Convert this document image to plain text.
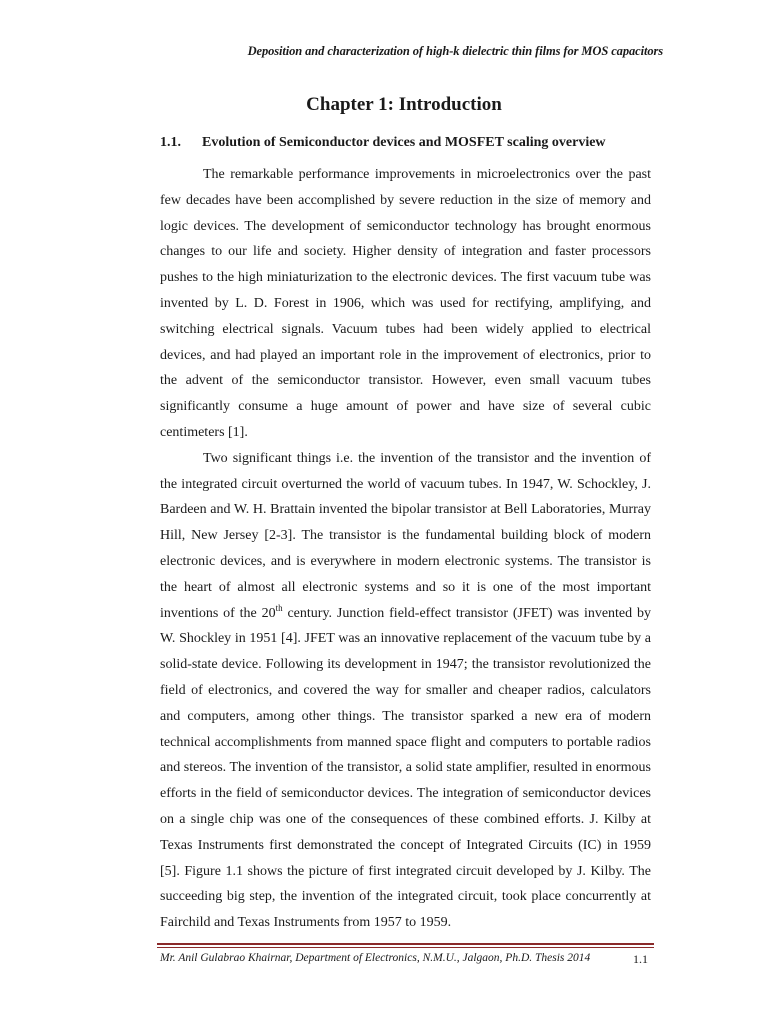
Deposition and characterization of high-k dielectric thin films for MOS capacitors
Chapter 1: Introduction
1.1. Evolution of Semiconductor devices and MOSFET scaling overview

The remarkable performance improvements in microelectronics over the past few decades have been accomplished by severe reduction in the size of memory and logic devices. The development of semiconductor technology has brought enormous changes to our life and society. Higher density of integration and faster processors pushes to the high miniaturization to the electronic devices. The first vacuum tube was invented by L. D. Forest in 1906, which was used for rectifying, amplifying, and switching electrical signals. Vacuum tubes had been widely applied to electrical devices, and had played an important role in the improvement of electronics, prior to the advent of the semiconductor transistor. However, even small vacuum tubes significantly consume a huge amount of power and have size of several cubic centimeters [1].

Two significant things i.e. the invention of the transistor and the invention of the integrated circuit overturned the world of vacuum tubes. In 1947, W. Schockley, J. Bardeen and W. H. Brattain invented the bipolar transistor at Bell Laboratories, Murray Hill, New Jersey [2-3]. The transistor is the fundamental building block of modern electronic devices, and is everywhere in modern electronic systems. The transistor is the heart of almost all electronic systems and so it is one of the most important inventions of the 20th century. Junction field-effect transistor (JFET) was invented by W. Shockley in 1951 [4]. JFET was an innovative replacement of the vacuum tube by a solid-state device. Following its development in 1947; the transistor revolutionized the field of electronics, and covered the way for smaller and cheaper radios, calculators and computers, among other things. The transistor sparked a new era of modern technical accomplishments from manned space flight and computers to portable radios and stereos. The invention of the transistor, a solid state amplifier, resulted in enormous efforts in the field of semiconductor devices. The integration of semiconductor devices on a single chip was one of the consequences of these combined efforts. J. Kilby at Texas Instruments first demonstrated the concept of Integrated Circuits (IC) in 1959 [5]. Figure 1.1 shows the picture of first integrated circuit developed by J. Kilby. The succeeding big step, the invention of the integrated circuit, took place concurrently at Fairchild and Texas Instruments from 1957 to 1959.

Mr. Anil Gulabrao Khairnar, Department of Electronics, N.M.U., Jalgaon, Ph.D. Thesis 2014	1.1
